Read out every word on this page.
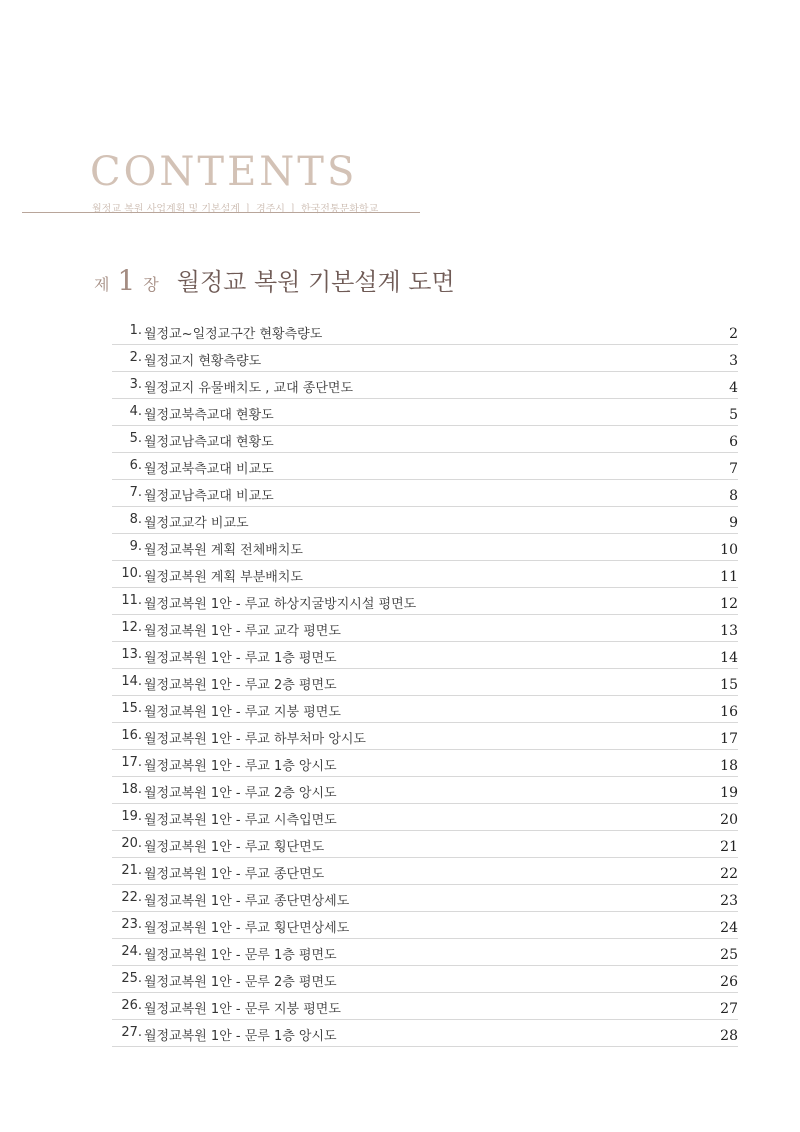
CONTENTS
월정교 복원 사업계획 및 기본설계 ㅣ 경주시 ㅣ 한국전통문화학교
제 1 장 월정교 복원 기본설계 도면
1. 월정교~일정교구간 현황측량도	2
2. 월정교지 현황측량도	3
3. 월정교지 유물배치도 , 교대 종단면도	4
4. 월정교북측교대 현황도	5
5. 월정교남측교대 현황도	6
6. 월정교북측교대 비교도	7
7. 월정교남측교대 비교도	8
8. 월정교교각 비교도	9
9. 월정교복원 계획 전체배치도	10
10. 월정교복원 계획 부분배치도	11
11. 월정교복원 1안 - 루교 하상지굴방지시설 평면도	12
12. 월정교복원 1안 - 루교 교각 평면도	13
13. 월정교복원 1안 - 루교 1층 평면도	14
14. 월정교복원 1안 - 루교 2층 평면도	15
15. 월정교복원 1안 - 루교 지붕 평면도	16
16. 월정교복원 1안 - 루교 하부처마 앙시도	17
17. 월정교복원 1안 - 루교 1층 앙시도	18
18. 월정교복원 1안 - 루교 2층 앙시도	19
19. 월정교복원 1안 - 루교 시측입면도	20
20. 월정교복원 1안 - 루교 횡단면도	21
21. 월정교복원 1안 - 루교 종단면도	22
22. 월정교복원 1안 - 루교 종단면상세도	23
23. 월정교복원 1안 - 루교 횡단면상세도	24
24. 월정교복원 1안 - 문루 1층 평면도	25
25. 월정교복원 1안 - 문루 2층 평면도	26
26. 월정교복원 1안 - 문루 지붕 평면도	27
27. 월정교복원 1안 - 문루 1층 앙시도	28
